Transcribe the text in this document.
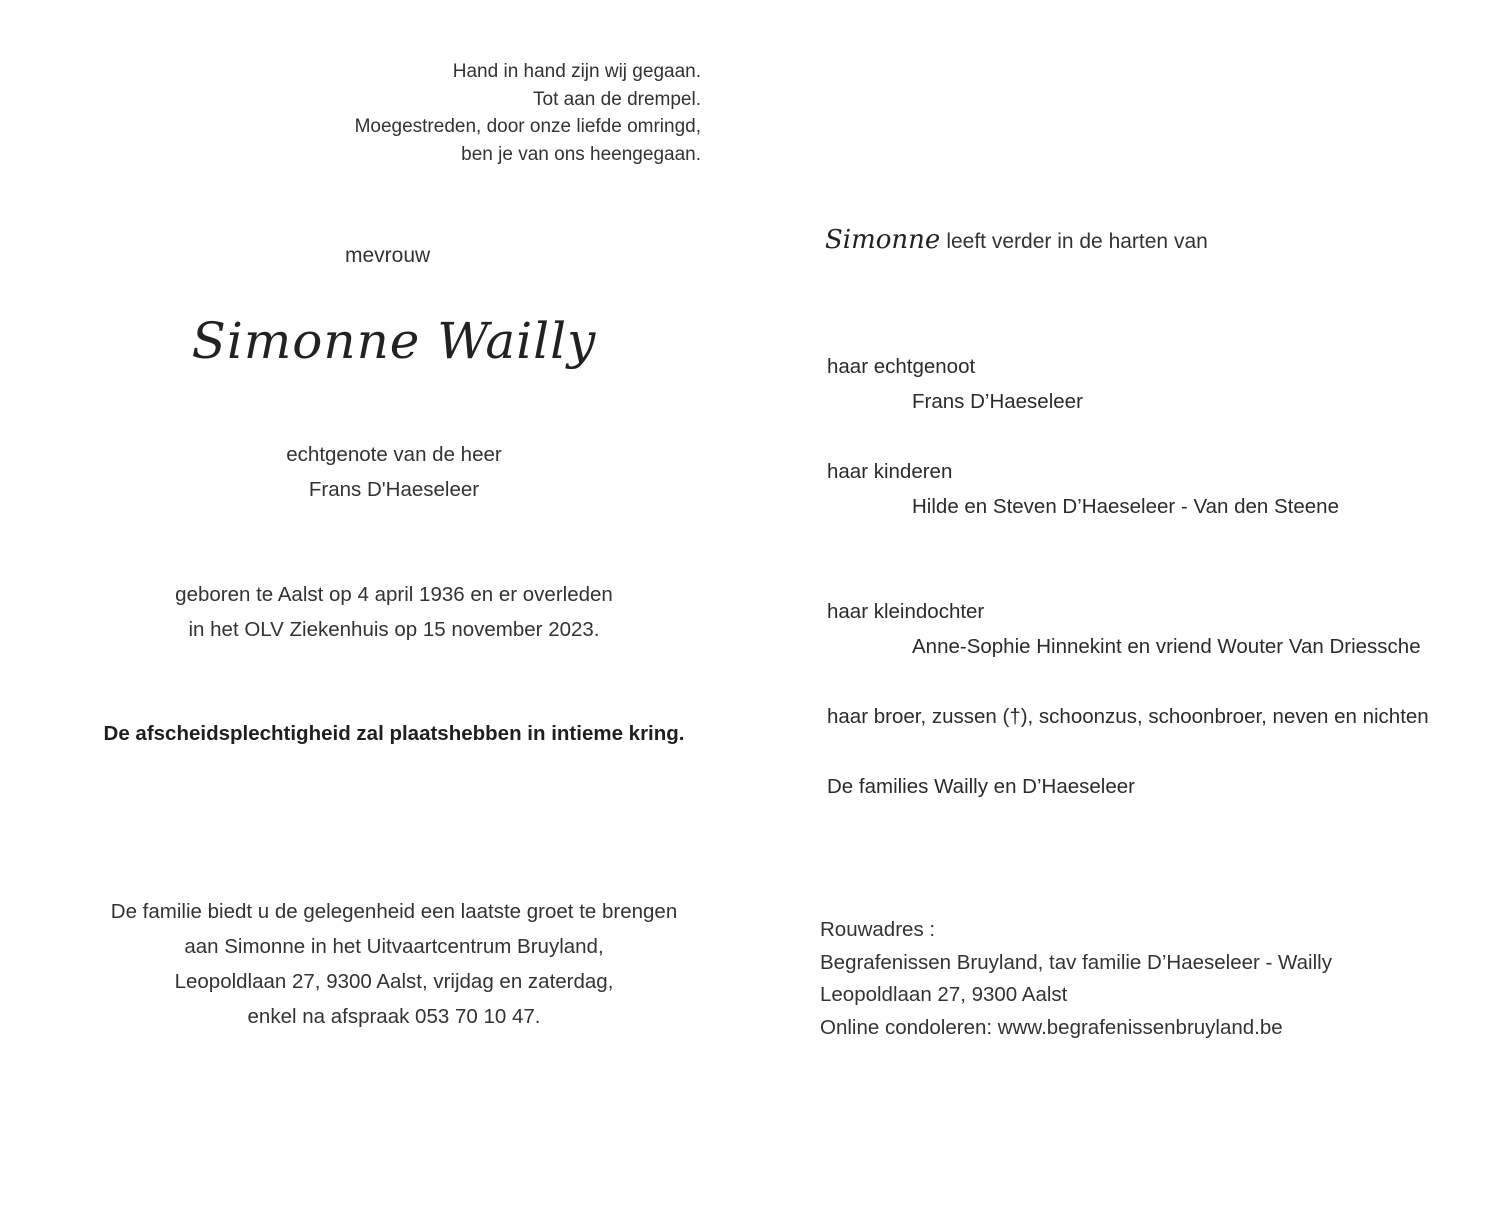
Hand in hand zijn wij gegaan.
Tot aan de drempel.
Moegestreden, door onze liefde omringd,
ben je van ons heengegaan.
mevrouw
Simonne Wailly
echtgenote van de heer
Frans D'Haeseleer
geboren te Aalst op 4 april 1936 en er overleden
in het OLV Ziekenhuis op 15 november 2023.
De afscheidsplechtigheid zal plaatshebben in intieme kring.
De familie biedt u de gelegenheid een laatste groet te brengen
aan Simonne in het Uitvaartcentrum Bruyland,
Leopoldlaan 27, 9300 Aalst, vrijdag en zaterdag,
enkel na afspraak 053 70 10 47.
Simonne leeft verder in de harten van
haar echtgenoot
Frans D’Haeseleer
haar kinderen
Hilde en Steven D’Haeseleer - Van den Steene
haar kleindochter
Anne-Sophie Hinnekint en vriend Wouter Van Driessche
haar broer, zussen (†), schoonzus, schoonbroer, neven en nichten
De families Wailly en D’Haeseleer
Rouwadres :
Begrafenissen Bruyland, tav familie D’Haeseleer - Wailly
Leopoldlaan 27, 9300 Aalst
Online condoleren: www.begrafenissenbruyland.be
